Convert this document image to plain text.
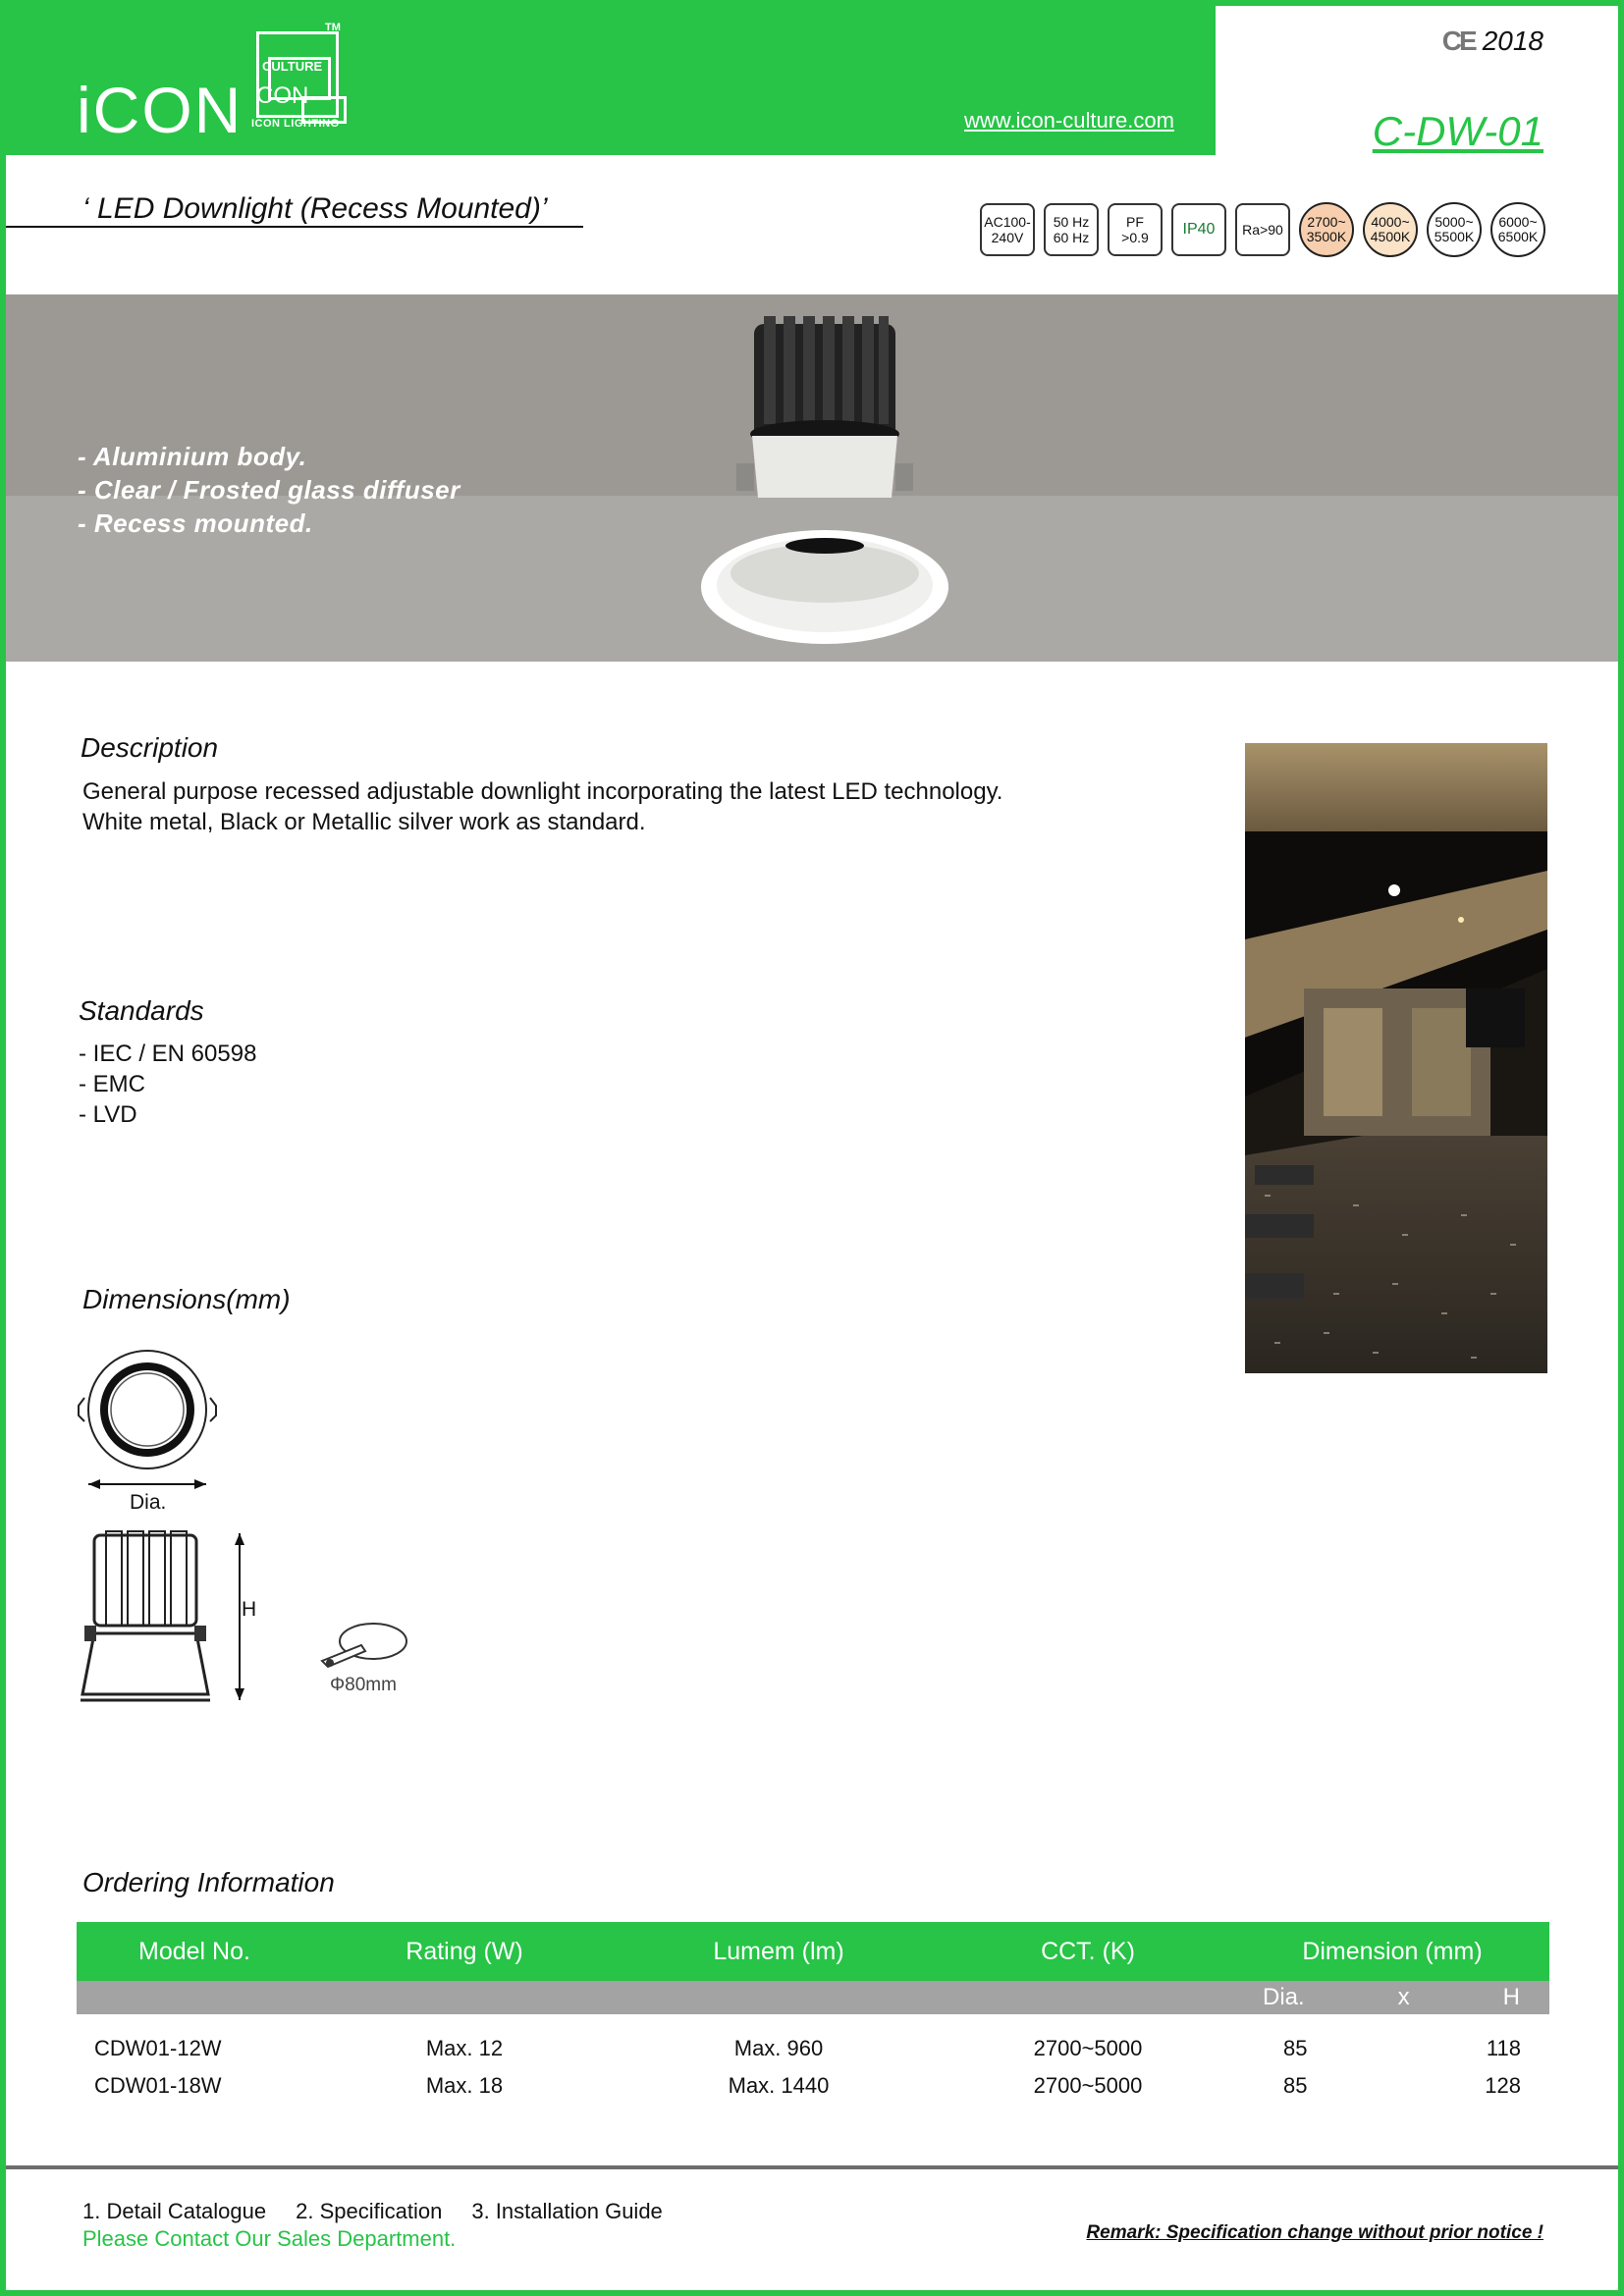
iCON
CULTURE
CON
TM
ICON LIGHTING	www.icon-culture.com
CE 2018
C-DW-01
‘ LED Downlight (Recess Mounted)’	AC100-
240V
50 Hz
60 Hz
PF
>0.9
IP40 Ra>90
2700~
3500K
4000~
4500K
5000~
5500K
6000~
6500K
- Aluminium body.
- Clear / Frosted glass diffuser
- Recess mounted.
Description
General purpose recessed adjustable downlight incorporating the latest LED technology.
White metal, Black or Metallic silver work as standard.
Standards
- IEC / EN 60598
- EMC
- LVD
Dimensions(mm)
Dia.
H
Φ80mm
Ordering Information
Model No.	Rating (W)	Lumem (lm)	CCT. (K)	Dimension (mm)

				Dia. x H

CDW01-12W	Max. 12	Max. 960	2700~5000	85 118

CDW01-18W	Max. 18	Max. 1440	2700~5000	85 128
1. Detail Catalogue 2. Specification 3. Installation Guide
Please Contact Our Sales Department.	Remark: Specification change without prior notice !
